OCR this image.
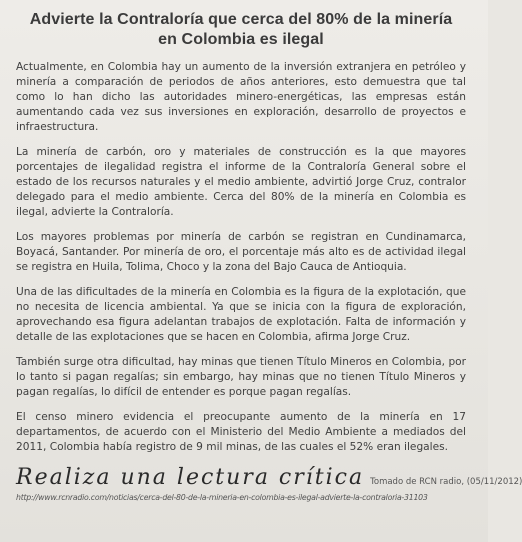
Advierte la Contraloría que cerca del 80% de la minería
en Colombia es ilegal

Actualmente, en Colombia hay un aumento de la inversión extranjera en petróleo y minería a comparación de periodos de años anteriores, esto demuestra que tal como lo han dicho las autoridades minero-energéticas, las empresas están aumentando cada vez sus inversiones en exploración, desarrollo de proyectos e infraestructura.

La minería de carbón, oro y materiales de construcción es la que mayores porcentajes de ilegalidad registra el informe de la Contraloría General sobre el estado de los recursos naturales y el medio ambiente, advirtió Jorge Cruz, contralor delegado para el medio ambiente. Cerca del 80% de la minería en Colombia es ilegal, advierte la Contraloría.

Los mayores problemas por minería de carbón se registran en Cundinamarca, Boyacá, Santander. Por minería de oro, el porcentaje más alto es de actividad ilegal se registra en Huila, Tolima, Choco y la zona del Bajo Cauca de Antioquia.

Una de las dificultades de la minería en Colombia es la figura de la explotación, que no necesita de licencia ambiental. Ya que se inicia con la figura de exploración, aprovechando esa figura adelantan trabajos de explotación. Falta de información y detalle de las explotaciones que se hacen en Colombia, afirma Jorge Cruz.

También surge otra dificultad, hay minas que tienen Título Mineros en Colombia, por lo tanto si pagan regalías; sin embargo, hay minas que no tienen Título Mineros y pagan regalías, lo difícil de entender es porque pagan regalías.

El censo minero evidencia el preocupante aumento de la minería en 17 departamentos, de acuerdo con el Ministerio del Medio Ambiente a mediados del 2011, Colombia había registro de 9 mil minas, de las cuales el 52% eran ilegales.

Realiza una lectura crítica Tomado de RCN radio, (05/11/2012)
http://www.rcnradio.com/noticias/cerca-del-80-de-la-mineria-en-colombia-es-ilegal-advierte-la-contraloria-31103
